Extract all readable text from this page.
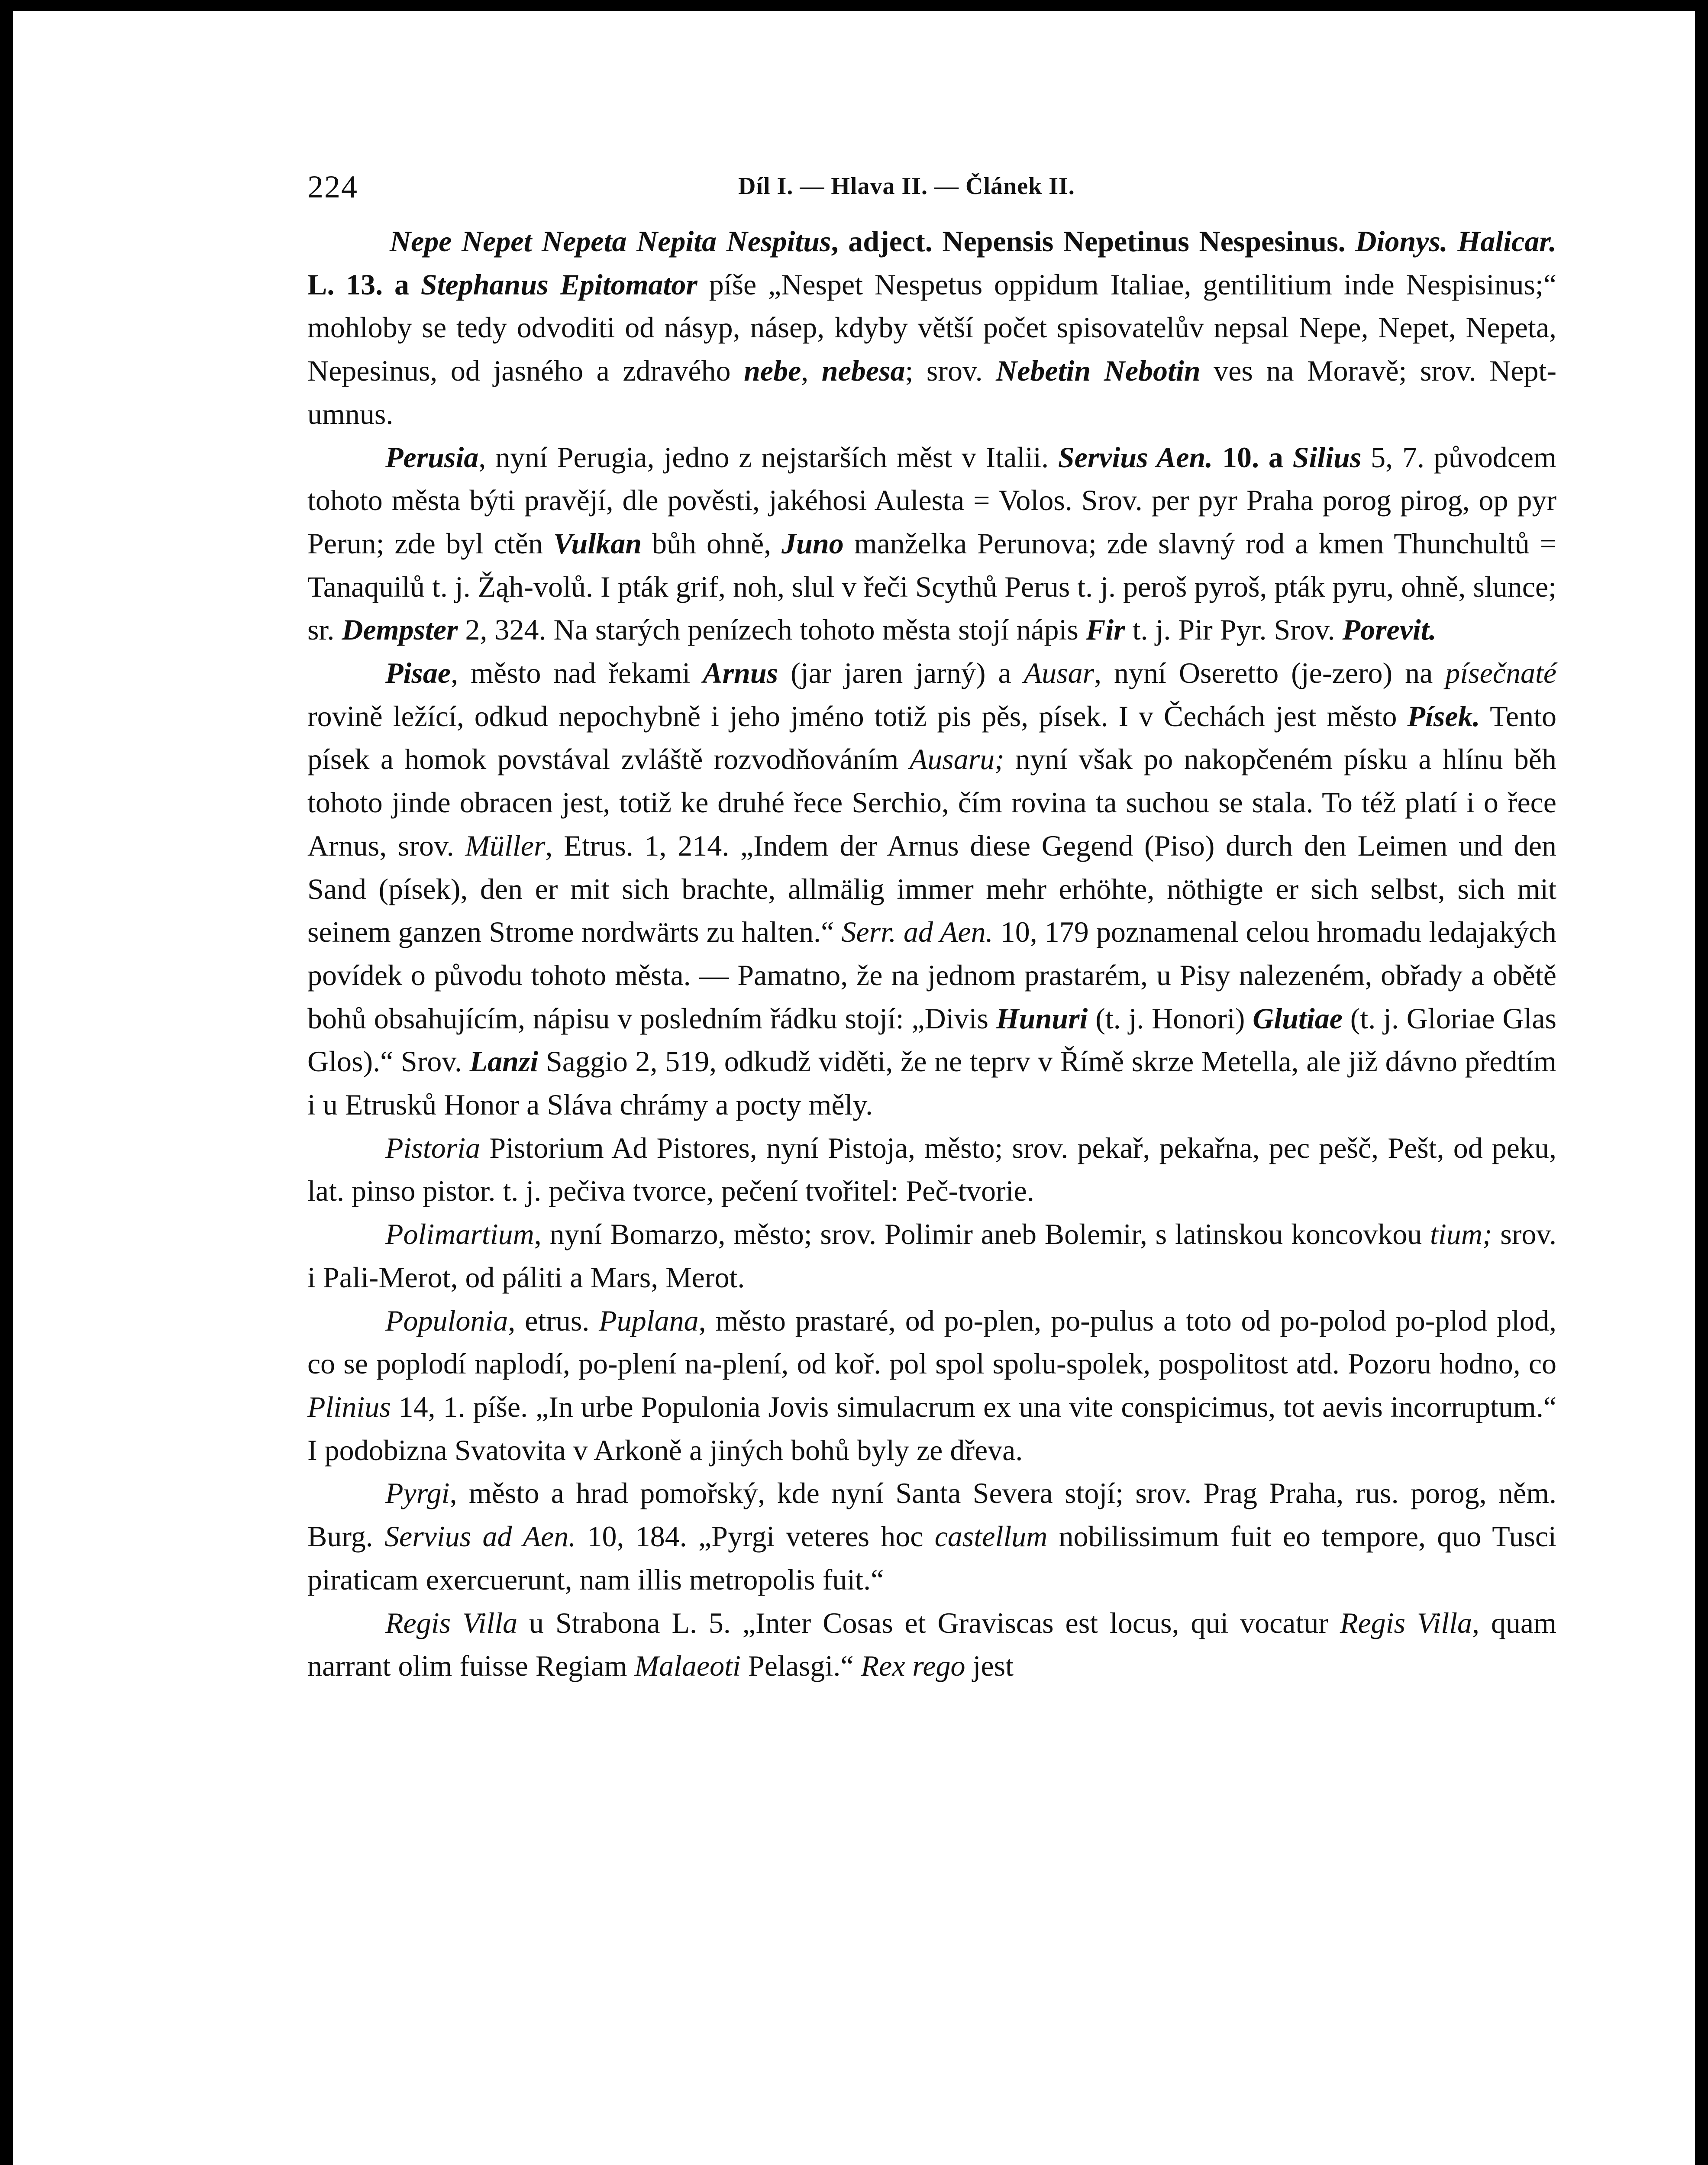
224	Díl I. — Hlava II. — Článek II.

Nepe Nepet Nepeta Nepita Nespitus, adject. Nepensis Nepetinus Nespesinus. Dionys. Halicar. L. 13. a Stephanus Epitomator píše „Nespet Nespetus oppidum Italiae, gentilitium inde Nespisinus;“ mohloby se tedy odvoditi od násyp, násep, kdyby větší počet spisovatelův nepsal Nepe, Nepet, Nepeta, Nepesinus, od jasného a zdravého nebe, nebesa; srov. Nebetin Nebotin ves na Moravě; srov. Nept-umnus.

Perusia, nyní Perugia, jedno z nejstarších měst v Italii. Servius Aen. 10. a Silius 5, 7. původcem tohoto města býti pravějí, dle pověsti, jakéhosi Aulesta = Volos. Srov. per pyr Praha porog pirog, op pyr Perun; zde byl ctěn Vulkan bůh ohně, Juno manželka Perunova; zde slavný rod a kmen Thunchultů = Tanaquilů t. j. Žąh-volů. I pták grif, noh, slul v řeči Scythů Perus t. j. peroš pyroš, pták pyru, ohně, slunce; sr. Dempster 2, 324. Na starých penízech tohoto města stojí nápis Fir t. j. Pir Pyr. Srov. Porevit.

Pisae, město nad řekami Arnus (jar jaren jarný) a Ausar, nyní Oseretto (je-zero) na písečnaté rovině ležící, odkud nepochybně i jeho jméno totiž pis pěs, písek. I v Čechách jest město Písek. Tento písek a homok povstával zvláště rozvodňováním Ausaru; nyní však po nakopčeném písku a hlínu běh tohoto jinde obracen jest, totiž ke druhé řece Serchio, čím rovina ta suchou se stala. To též platí i o řece Arnus, srov. Müller, Etrus. 1, 214. „Indem der Arnus diese Gegend (Piso) durch den Leimen und den Sand (písek), den er mit sich brachte, allmälig immer mehr erhöhte, nöthigte er sich selbst, sich mit seinem ganzen Strome nordwärts zu halten.“ Serr. ad Aen. 10, 179 poznamenal celou hromadu ledajakých povídek o původu tohoto města. — Pamatno, že na jednom prastarém, u Pisy nalezeném, obřady a obětě bohů obsahujícím, nápisu v posledním řádku stojí: „Divis Hunuri (t. j. Honori) Glutiae (t. j. Gloriae Glas Glos).“ Srov. Lanzi Saggio 2, 519, odkudž viděti, že ne teprv v Římě skrze Metella, ale již dávno předtím i u Etrusků Honor a Sláva chrámy a pocty měly.

Pistoria Pistorium Ad Pistores, nyní Pistoja, město; srov. pekař, pekařna, pec pešč, Pešt, od peku, lat. pinso pistor. t. j. pečiva tvorce, pečení tvořitel: Peč-tvorie.

Polimartium, nyní Bomarzo, město; srov. Polimir aneb Bolemir, s latinskou koncovkou tium; srov. i Pali-Merot, od páliti a Mars, Merot.

Populonia, etrus. Puplana, město prastaré, od po-plen, po-pulus a toto od po-polod po-plod plod, co se poplodí naplodí, po-plení na-plení, od koř. pol spol spolu-spolek, pospolitost atd. Pozoru hodno, co Plinius 14, 1. píše. „In urbe Populonia Jovis simulacrum ex una vite conspicimus, tot aevis incorruptum.“ I podobizna Svatovita v Arkoně a jiných bohů byly ze dřeva.

Pyrgi, město a hrad pomořský, kde nyní Santa Severa stojí; srov. Prag Praha, rus. porog, něm. Burg. Servius ad Aen. 10, 184. „Pyrgi veteres hoc castellum nobilissimum fuit eo tempore, quo Tusci piraticam exercuerunt, nam illis metropolis fuit.“

Regis Villa u Strabona L. 5. „Inter Cosas et Graviscas est locus, qui vocatur Regis Villa, quam narrant olim fuisse Regiam Malaeoti Pelasgi.“ Rex rego jest
